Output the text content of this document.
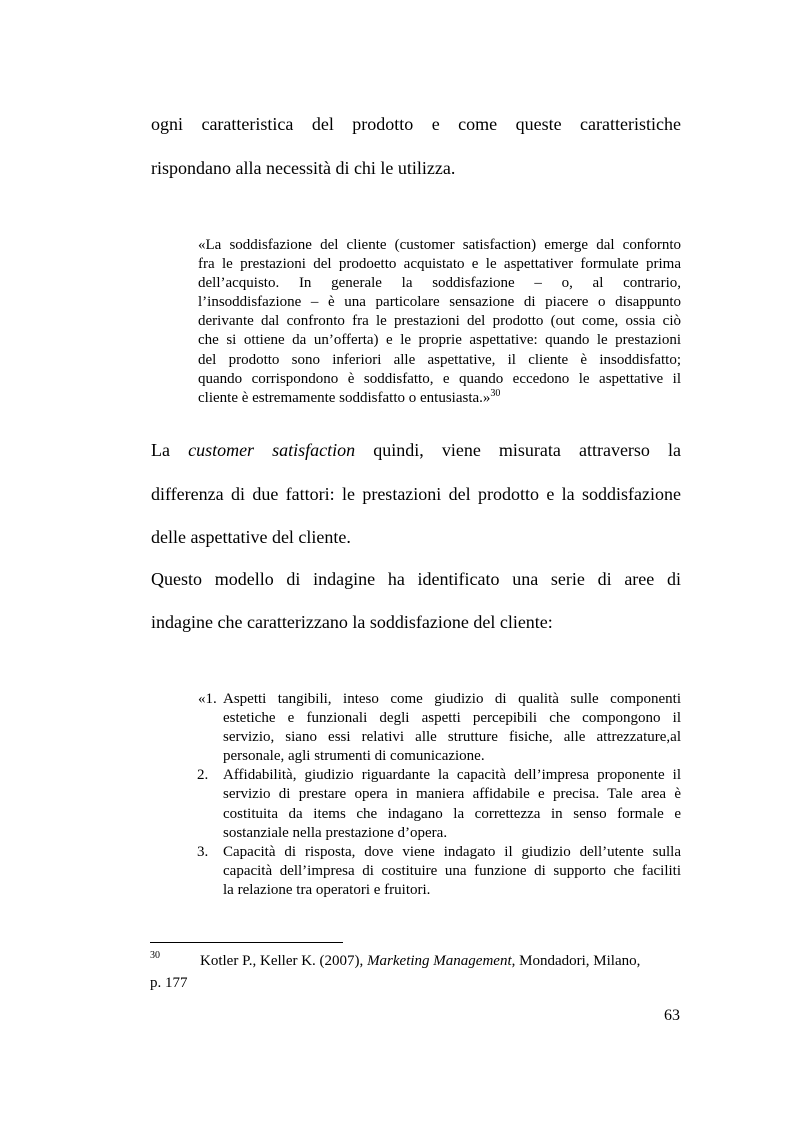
ogni caratteristica del prodotto e come queste caratteristiche
rispondano alla necessità di chi le utilizza.
«La soddisfazione del cliente (customer satisfaction) emerge dal confornto
fra le prestazioni del prodoetto acquistato e le aspettativer formulate prima
dell’acquisto. In generale la soddisfazione – o, al contrario,
l’insoddisfazione – è una particolare sensazione di piacere o disappunto
derivante dal confronto fra le prestazioni del prodotto (out come, ossia ciò
che si ottiene da un’offerta) e le proprie aspettative: quando le prestazioni
del prodotto sono inferiori alle aspettative, il cliente è insoddisfatto;
quando corrispondono è soddisfatto, e quando eccedono le aspettative il
cliente è estremamente soddisfatto o entusiasta.»$^{30}$
La customer satisfaction quindi, viene misurata attraverso la
differenza di due fattori: le prestazioni del prodotto e la soddisfazione
delle aspettative del cliente.
Questo modello di indagine ha identificato una serie di aree di
indagine che caratterizzano la soddisfazione del cliente:
«1. Aspetti tangibili, inteso come giudizio di qualità sulle componenti
estetiche e funzionali degli aspetti percepibili che compongono il
servizio, siano essi relativi alle strutture fisiche, alle attrezzature,al
personale, agli strumenti di comunicazione.
2. Affidabilità, giudizio riguardante la capacità dell’impresa proponente il
servizio di prestare opera in maniera affidabile e precisa. Tale area è
costituita da items che indagano la correttezza in senso formale e
sostanziale nella prestazione d’opera.
3. Capacità di risposta, dove viene indagato il giudizio dell’utente sulla
capacità dell’impresa di costituire una funzione di supporto che faciliti
la relazione tra operatori e fruitori.
30	Kotler P., Keller K. (2007), Marketing Management, Mondadori, Milano,
p. 177
63
